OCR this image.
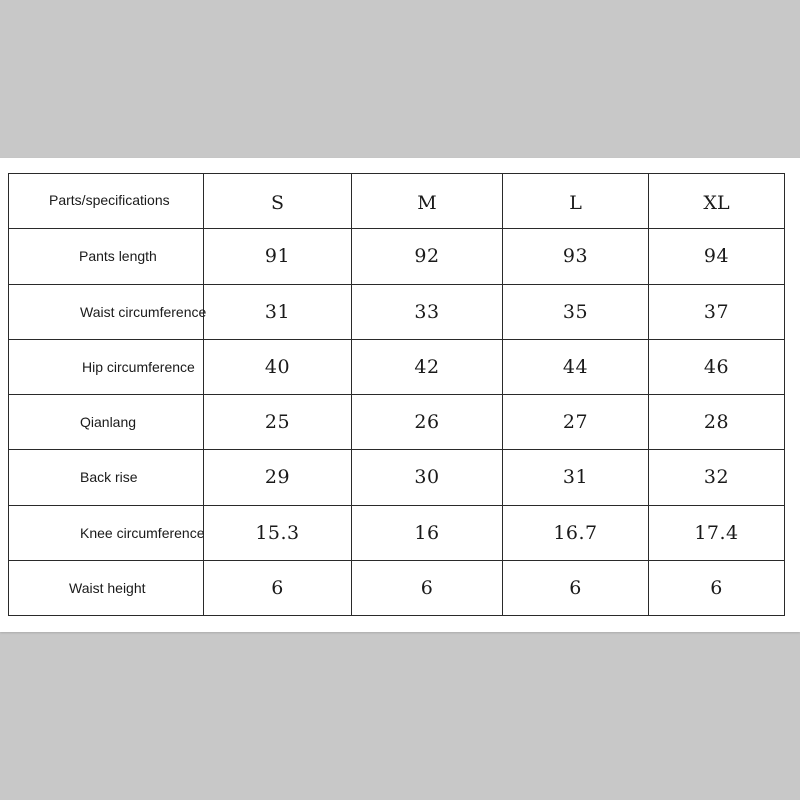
Parts/specifications	S	M	L	XL

Pants length	91	92	93	94
Waist circumference	31	33	35	37
Hip circumference	40	42	44	46
Qianlang	25	26	27	28
Back rise	29	30	31	32
Knee circumference	15.3	16	16.7	17.4
Waist height	6	6	6	6
